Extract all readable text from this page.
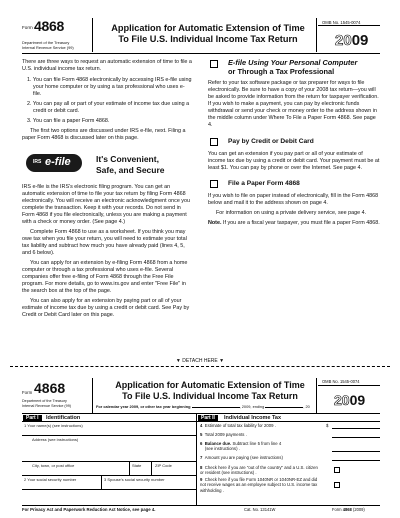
Form 4868
Department of the Treasury
Internal Revenue Service (99)
Application for Automatic Extension of Time
To File U.S. Individual Income Tax Return
OMB No. 1545-0074
2009

There are three ways to request an automatic extension of time to file a U.S. individual income tax return.

1. You can file Form 4868 electronically by accessing IRS e-file using your home computer or by using a tax professional who uses e-file.

2. You can pay all or part of your estimate of income tax due using a credit or debit card.

3. You can file a paper Form 4868.

The first two options are discussed under IRS e-file, next. Filing a paper Form 4868 is discussed later on this page.

IRS e-file	It's Convenient,
Safe, and Secure

IRS e-file is the IRS's electronic filing program. You can get an automatic extension of time to file your tax return by filing Form 4868 electronically. You will receive an electronic acknowledgment once you complete the transaction. Keep it with your records. Do not send in Form 4868 if you file electronically, unless you are making a payment with a check or money order. (See page 4.)

Complete Form 4868 to use as a worksheet. If you think you may owe tax when you file your return, you will need to estimate your total tax liability and subtract how much you have already paid (lines 4, 5, and 6 below).

You can apply for an extension by e-filing Form 4868 from a home computer or through a tax professional who uses e-file. Several companies offer free e-filing of Form 4868 through the Free File program. For more details, go to www.irs.gov and enter "Free File" in the search box at the top of the page.

You can also apply for an extension by paying part or all of your estimate of income tax due by using a credit or debit card. See Pay by Credit or Debit Card later on this page.

E-file Using Your Personal Computer
or Through a Tax Professional

Refer to your tax software package or tax preparer for ways to file electronically. Be sure to have a copy of your 2008 tax return—you will be asked to provide information from the return for taxpayer verification. If you wish to make a payment, you can pay by electronic funds withdrawal or send your check or money order to the address shown in the middle column under Where To File a Paper Form 4868. See page 4.

Pay by Credit or Debit Card

You can get an extension if you pay part or all of your estimate of income tax due by using a credit or debit card. Your payment must be at least $1. You can pay by phone or over the Internet. See page 4.

File a Paper Form 4868

If you wish to file on paper instead of electronically, fill in the Form 4868 below and mail it to the address shown on page 4.

For information on using a private delivery service, see page 4.

Note. If you are a fiscal year taxpayer, you must file a paper Form 4868.

▼ DETACH HERE ▼
Form 4868
Department of the Treasury
Internal Revenue Service (99)
Application for Automatic Extension of Time
To File U.S. Individual Income Tax Return
For calendar year 2009, or other tax year beginning	, 2009, ending	, 20
OMB No. 1545-0074
2009
Part I	Identification	Part II	Individual Income Tax
1 Your name(s) (see instructions)
Address (see instructions)
City, town, or post office	State	ZIP Code
2 Your social security number	3 Spouse's social security number
4 Estimate of total tax liability for 2009 .	$
5 Total 2009 payments .
6 Balance due. Subtract line 5 from line 4
(see instructions) .
7 Amount you are paying (see instructions)
8 Check here if you are "out of the country" and a U.S. citizen or resident (see instructions) .
9 Check here if you file Form 1040NR or 1040NR-EZ and did not receive wages as an employee subject to U.S. income tax withholding .
For Privacy Act and Paperwork Reduction Act Notice, see page 4.	Cat. No. 13141W	Form 4868 (2009)
